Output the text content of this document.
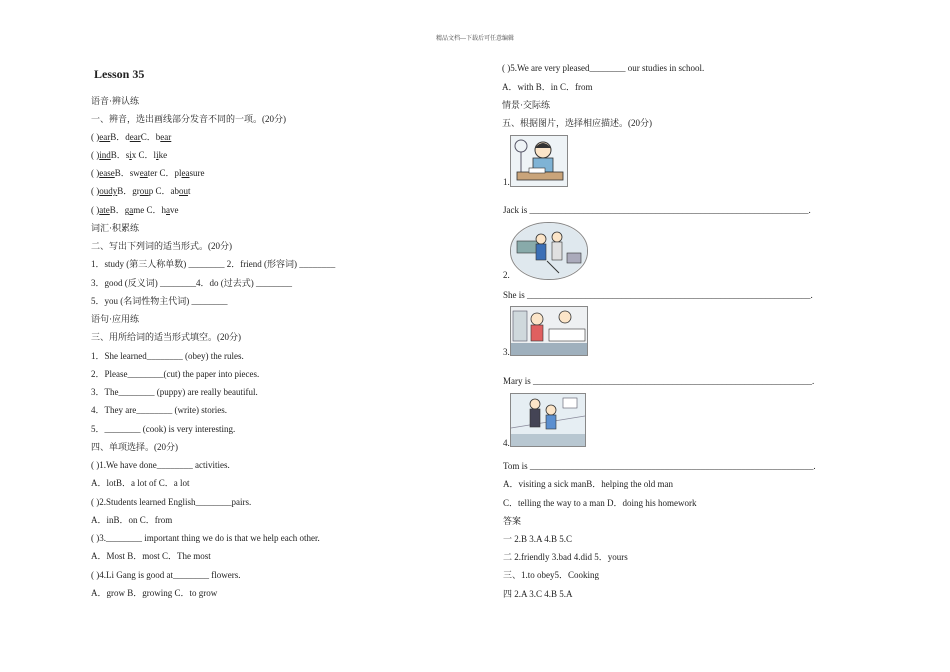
精品文档---下载后可任意编辑
Lesson 35
语音·辨认练
一、辨音，选出画线部分发音不同的一项。(20分)
( )earB．dearC．bear
( )indB．six C．like
( )easeB．sweater C．pleasure
( )oudyB．group C．about
( )ateB．game C．have
词汇·积累练
二、写出下列词的适当形式。(20分)
1．study (第三人称单数) ________ 2．friend (形容词) ________
3．good (反义词) ________4．do (过去式) ________
5．you (名词性物主代词) ________
语句·应用练
三、用所给词的适当形式填空。(20分)
1．She learned________ (obey) the rules.
2．Please________(cut) the paper into pieces.
3．The________ (puppy) are really beautiful.
4．They are________ (write) stories.
5．________ (cook) is very interesting.
四、单项选择。(20分)
( )1.We have done________ activities.
A．lotB．a lot of C．a lot
( )2.Students learned English________pairs.
A．inB．on C．from
( )3.________ important thing we do is that we help each other.
A．Most B．most C．The most
( )4.Li Gang is good at________ flowers.
A．grow B．growing C．to grow
( )5.We are very pleased________ our studies in school.
A．with B．in C．from
情景·交际练
五、根据图片，选择相应描述。(20分)
1.
Jack is ______________________________________________________________.
2.
She is _______________________________________________________________.
3.
Mary is ______________________________________________________________.
4.
Tom is _______________________________________________________________.
A．visiting a sick manB．helping the old man
C．telling the way to a man D．doing his homework
答案
一 2.B 3.A 4.B 5.C
二 2.friendly 3.bad 4.did 5．yours
三、1.to obey5．Cooking
四 2.A 3.C 4.B 5.A
